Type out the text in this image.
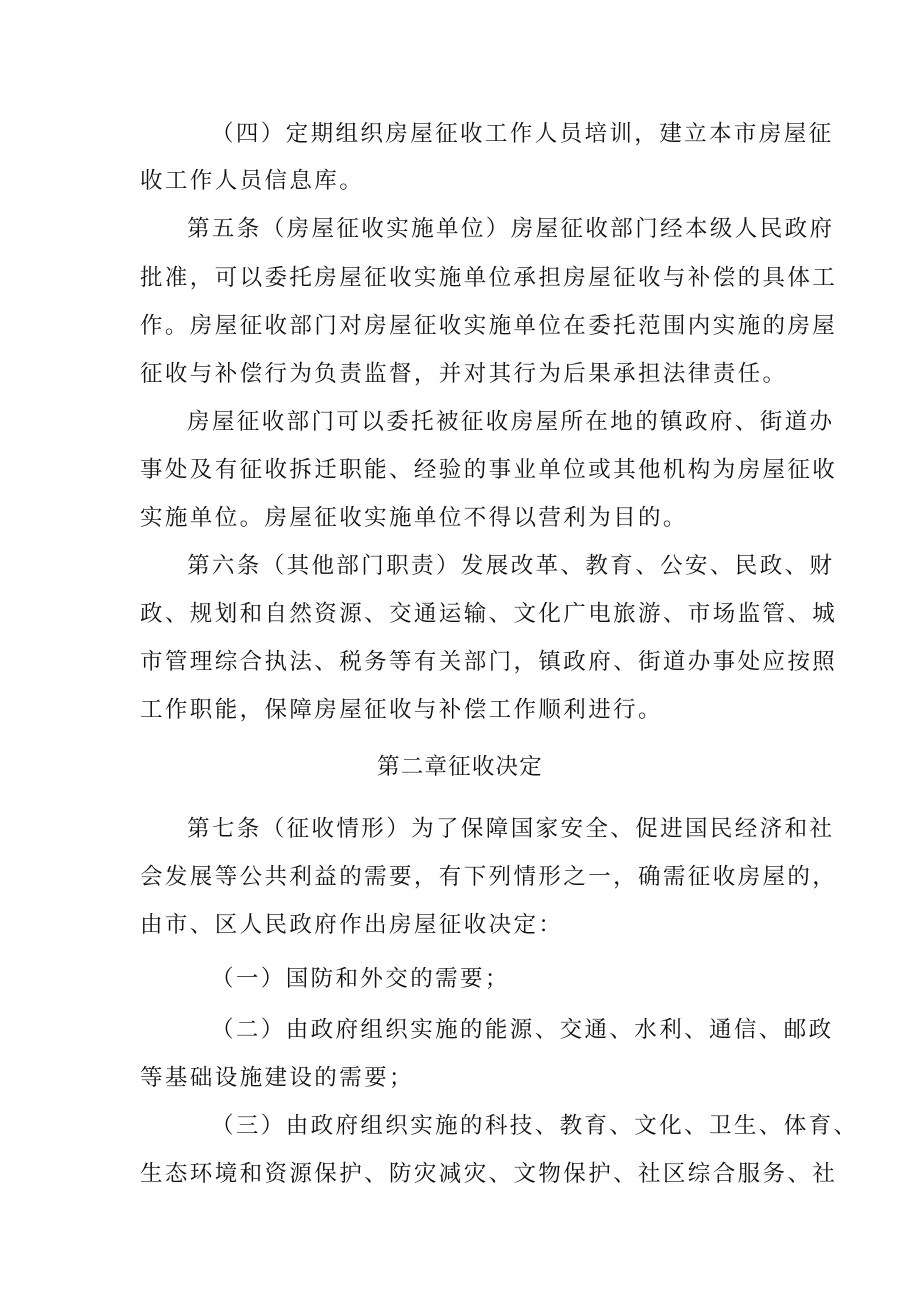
（四）定期组织房屋征收工作人员培训，建立本市房屋征
收工作人员信息库。
第五条（房屋征收实施单位）房屋征收部门经本级人民政府
批准，可以委托房屋征收实施单位承担房屋征收与补偿的具体工
作。房屋征收部门对房屋征收实施单位在委托范围内实施的房屋
征收与补偿行为负责监督，并对其行为后果承担法律责任。
房屋征收部门可以委托被征收房屋所在地的镇政府、街道办
事处及有征收拆迁职能、经验的事业单位或其他机构为房屋征收
实施单位。房屋征收实施单位不得以营利为目的。
第六条（其他部门职责）发展改革、教育、公安、民政、财
政、规划和自然资源、交通运输、文化广电旅游、市场监管、城
市管理综合执法、税务等有关部门，镇政府、街道办事处应按照
工作职能，保障房屋征收与补偿工作顺利进行。
第二章征收决定
第七条（征收情形）为了保障国家安全、促进国民经济和社
会发展等公共利益的需要，有下列情形之一，确需征收房屋的，
由市、区人民政府作出房屋征收决定：
（一）国防和外交的需要；
（二）由政府组织实施的能源、交通、水利、通信、邮政
等基础设施建设的需要；
（三）由政府组织实施的科技、教育、文化、卫生、体育、
生态环境和资源保护、防灾减灾、文物保护、社区综合服务、社
